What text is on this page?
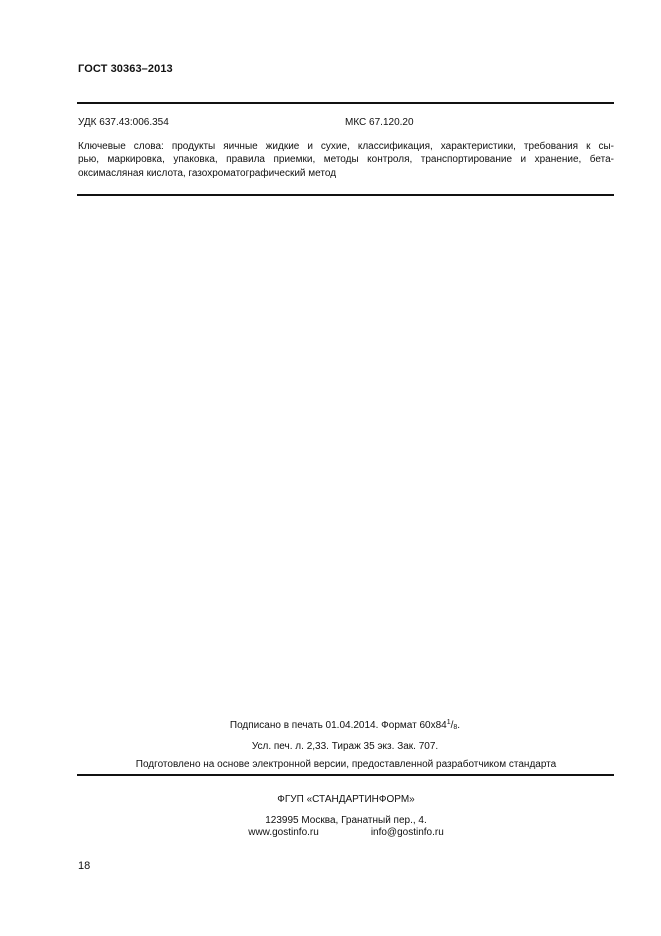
ГОСТ 30363–2013
УДК 637.43:006.354	МКС 67.120.20
Ключевые слова: продукты яичные жидкие и сухие, классификация, характеристики, требования к сы-
рью, маркировка, упаковка, правила приемки, методы контроля, транспортирование и хранение, бета-
оксимасляная кислота, газохроматографический метод
Подписано в печать 01.04.2014. Формат $60х84^1/_8$.
Усл. печ. л. 2,33. Тираж 35 экз. Зак. 707.
Подготовлено на основе электронной версии, предоставленной разработчиком стандарта
ФГУП «СТАНДАРТИНФОРМ»
123995 Москва, Гранатный пер., 4.
www.gostinfo.ru	info@gostinfo.ru
18
